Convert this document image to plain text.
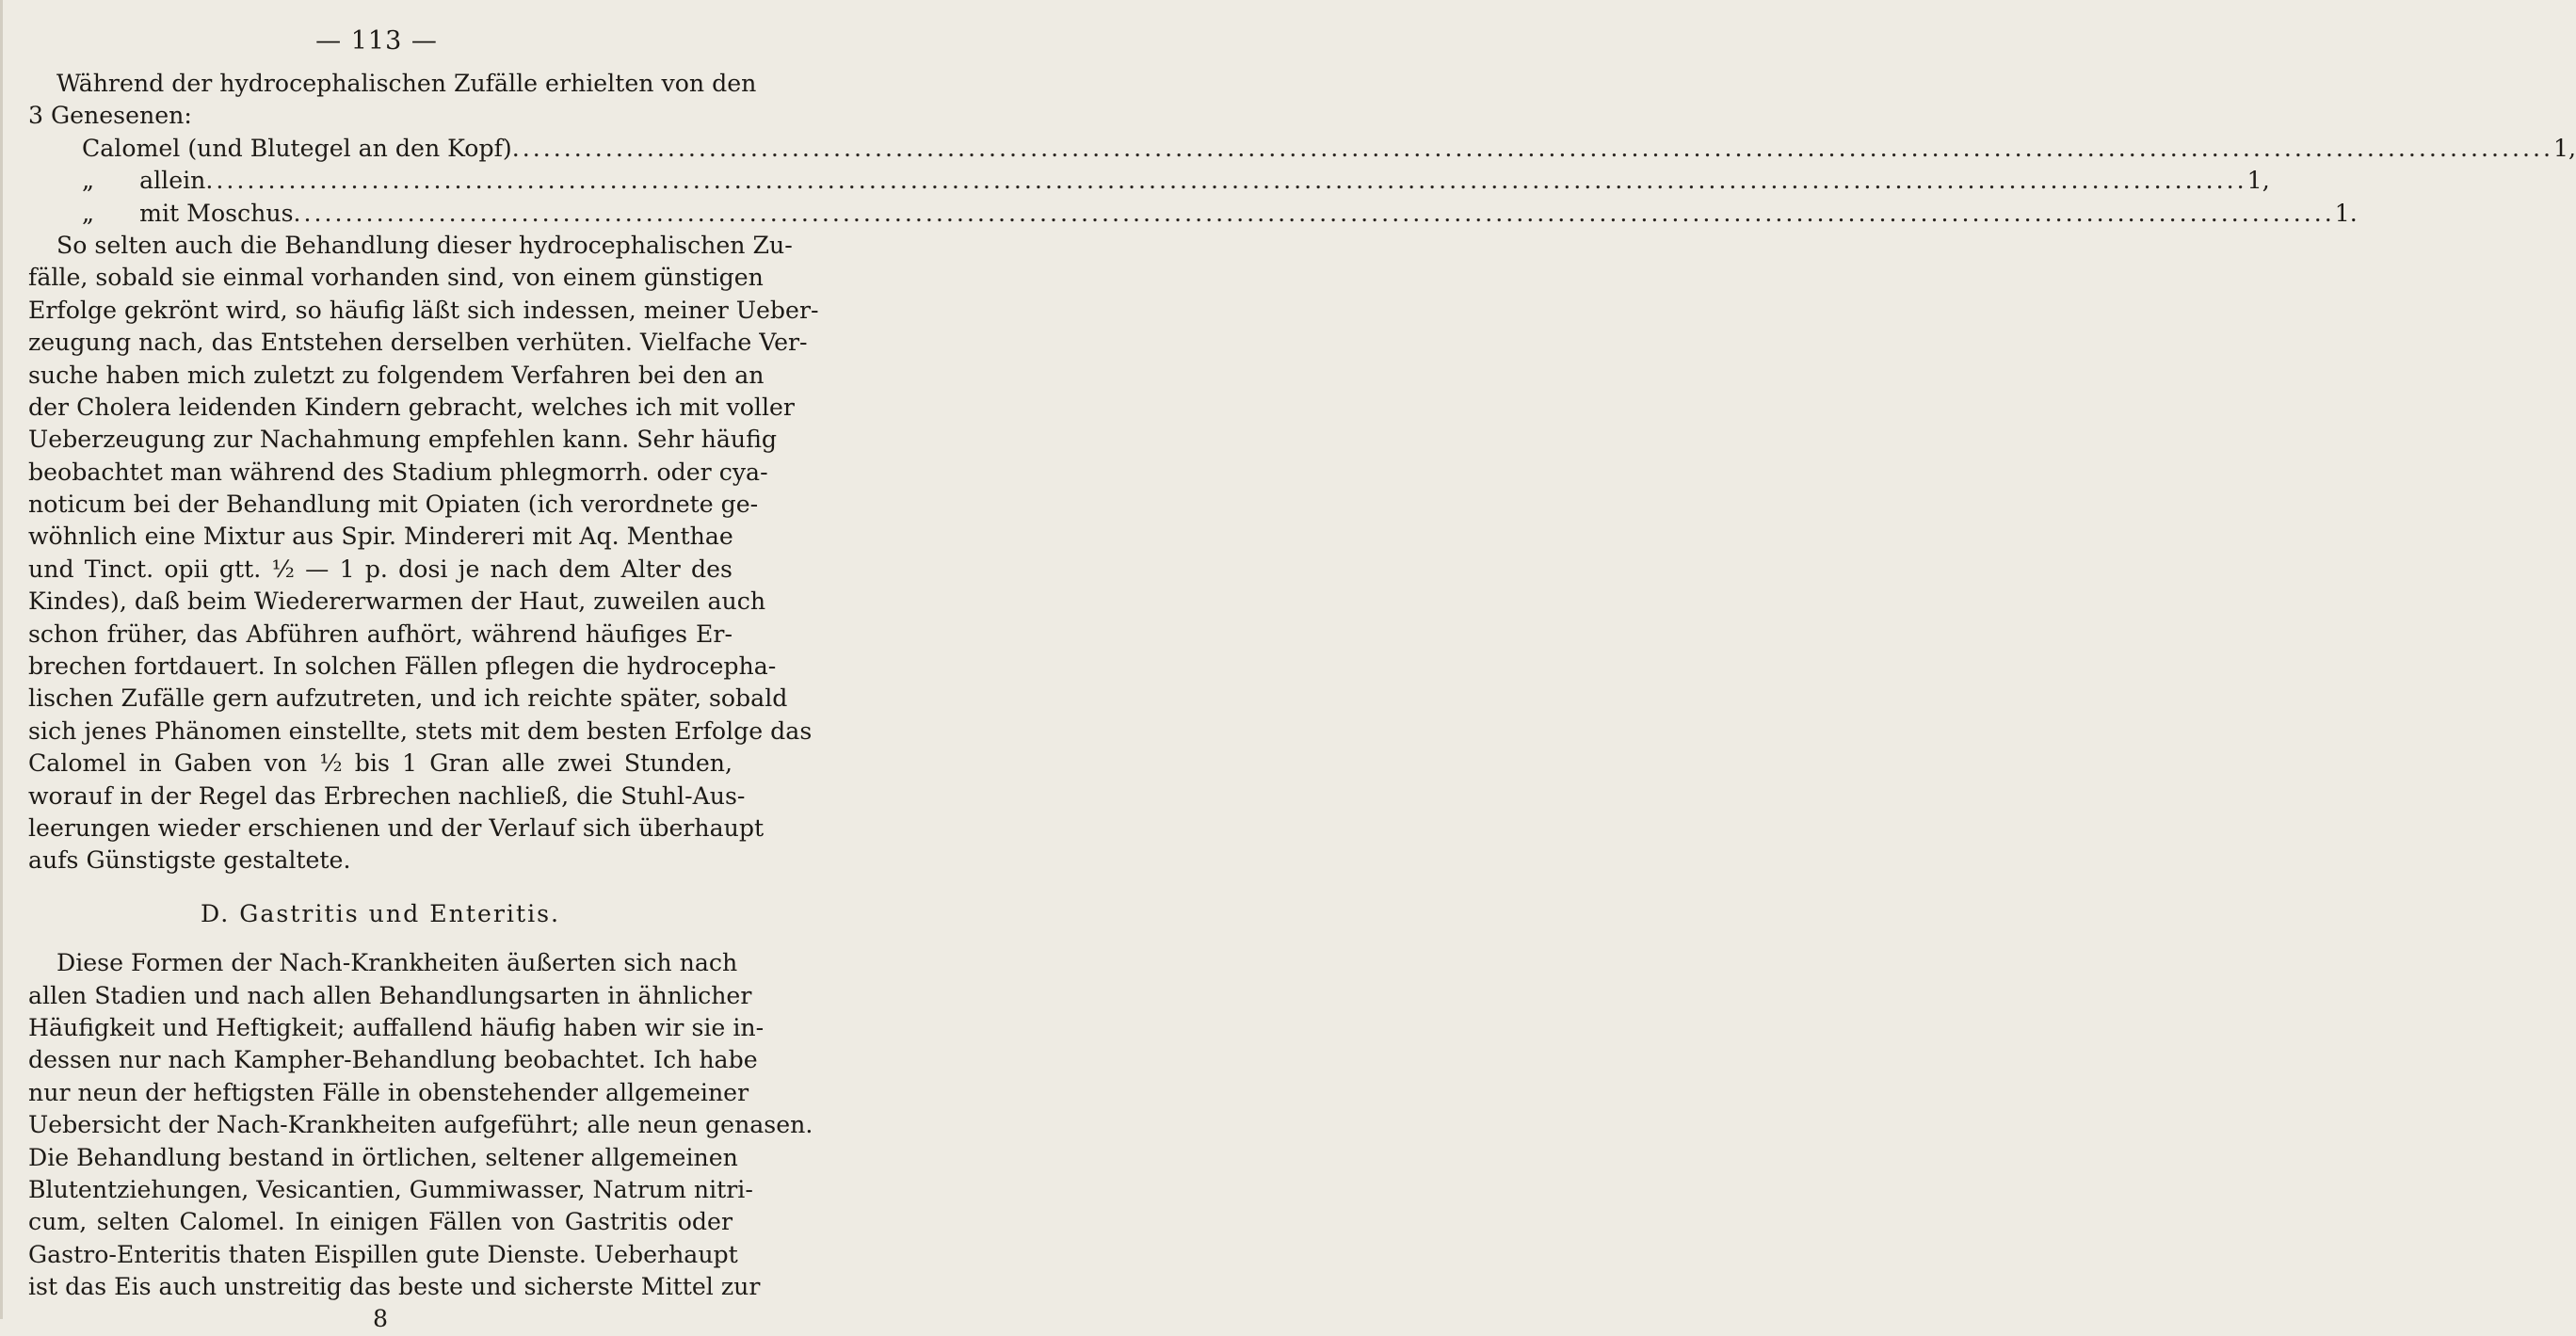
— 113 —
Während der hydrocephalischen Zufälle erhielten von den
3 Genesenen:
Calomel (und Blutegel an den Kopf) .....	1,
„      allein .....	1,
„      mit Moschus .....	1.
So selten auch die Behandlung dieser hydrocephalischen Zu-
fälle, sobald sie einmal vorhanden sind, von einem günstigen
Erfolge gekrönt wird, so häufig läßt sich indessen, meiner Ueber-
zeugung nach, das Entstehen derselben verhüten. Vielfache Ver-
suche haben mich zuletzt zu folgendem Verfahren bei den an
der Cholera leidenden Kindern gebracht, welches ich mit voller
Ueberzeugung zur Nachahmung empfehlen kann. Sehr häufig
beobachtet man während des Stadium phlegmorrh. oder cya-
noticum bei der Behandlung mit Opiaten (ich verordnete ge-
wöhnlich eine Mixtur aus Spir. Mindereri mit Aq. Menthae
und Tinct. opii gtt. ½ — 1 p. dosi je nach dem Alter des
Kindes), daß beim Wiedererwarmen der Haut, zuweilen auch
schon früher, das Abführen aufhört, während häufiges Er-
brechen fortdauert. In solchen Fällen pflegen die hydrocepha-
lischen Zufälle gern aufzutreten, und ich reichte später, sobald
sich jenes Phänomen einstellte, stets mit dem besten Erfolge das
Calomel in Gaben von ½ bis 1 Gran alle zwei Stunden,
worauf in der Regel das Erbrechen nachließ, die Stuhl-Aus-
leerungen wieder erschienen und der Verlauf sich überhaupt
aufs Günstigste gestaltete.
D. Gastritis und Enteritis.
Diese Formen der Nach-Krankheiten äußerten sich nach
allen Stadien und nach allen Behandlungsarten in ähnlicher
Häufigkeit und Heftigkeit; auffallend häufig haben wir sie in-
dessen nur nach Kampher-Behandlung beobachtet. Ich habe
nur neun der heftigsten Fälle in obenstehender allgemeiner
Uebersicht der Nach-Krankheiten aufgeführt; alle neun genasen.
Die Behandlung bestand in örtlichen, seltener allgemeinen
Blutentziehungen, Vesicantien, Gummiwasser, Natrum nitri-
cum, selten Calomel. In einigen Fällen von Gastritis oder
Gastro-Enteritis thaten Eispillen gute Dienste. Ueberhaupt
ist das Eis auch unstreitig das beste und sicherste Mittel zur
8
